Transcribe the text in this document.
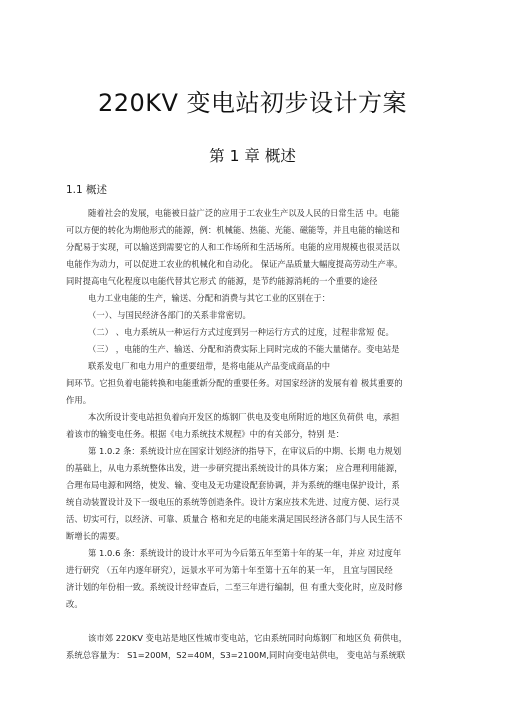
220KV 变电站初步设计方案
第 1 章 概述
1.1 概述
随着社会的发展，电能被日益广泛的应用于工农业生产以及人民的日常生活 中。电能
可以方便的转化为期他形式的能源，例：机械能、热能、光能、磁能等，并且电能的输送和
分配易于实现，可以输送到需要它的人和工作场所和生活场所。电能的应用规模也很灵活以
电能作为动力，可以促进工农业的机械化和自动化。 保证产品质量大幅度提高劳动生产率。
同时提高电气化程度以电能代替其它形式 的能源，是节约能源消耗的一个重要的途径
电力工业电能的生产，输送、分配和消费与其它工业的区别在于：
（一）、与国民经济各部门的关系非常密切。
（二） 、电力系统从一种运行方式过度到另一种运行方式的过度，过程非常短 促。
（三） ，电能的生产、输送、分配和消费实际上同时完成的不能大量储存。变电站是
联系发电厂和电力用户的重要纽带，是将电能从产品变成商品的中
间环节。它担负着电能转换和电能重新分配的重要任务。对国家经济的发展有着 极其重要的
作用。
本次所设计变电站担负着向开发区的炼钢厂供电及变电所附近的地区负荷供 电，承担
着该市的输变电任务。根据《电力系统技术规程》中的有关部分，特别 是：
第 1.0.2 条：系统设计应在国家计划经济的指导下，在审议后的中期、长期 电力规划
的基础上，从电力系统整体出发，进一步研究提出系统设计的具体方案； 应合理利用能源，
合理布局电源和网络，使发、输、变电及无功建设配套协调，并为系统的继电保护设计，系
统自动装置设计及下一级电压的系统等创造条件。设计方案应技术先进、过度方便、运行灵
活、切实可行，以经济、可靠、质量合 格和充足的电能来满足国民经济各部门与人民生活不
断增长的需要。
第 1.0.6 条：系统设计的设计水平可为今后第五年至第十年的某一年，并应 对过度年
进行研究 （五年内逐年研究），远景水平可为第十年至第十五年的某一年， 且宜与国民经
济计划的年份相一致。系统设计经审查后，二至三年进行编制，但 有重大变化时，应及时修
改。
该市郊 220KV 变电站是地区性城市变电站，它由系统同时向炼钢厂和地区负 荷供电，
系统总容量为： S1=200M，S2=40M，S3=2100M,同时向变电站供电， 变电站与系统联
